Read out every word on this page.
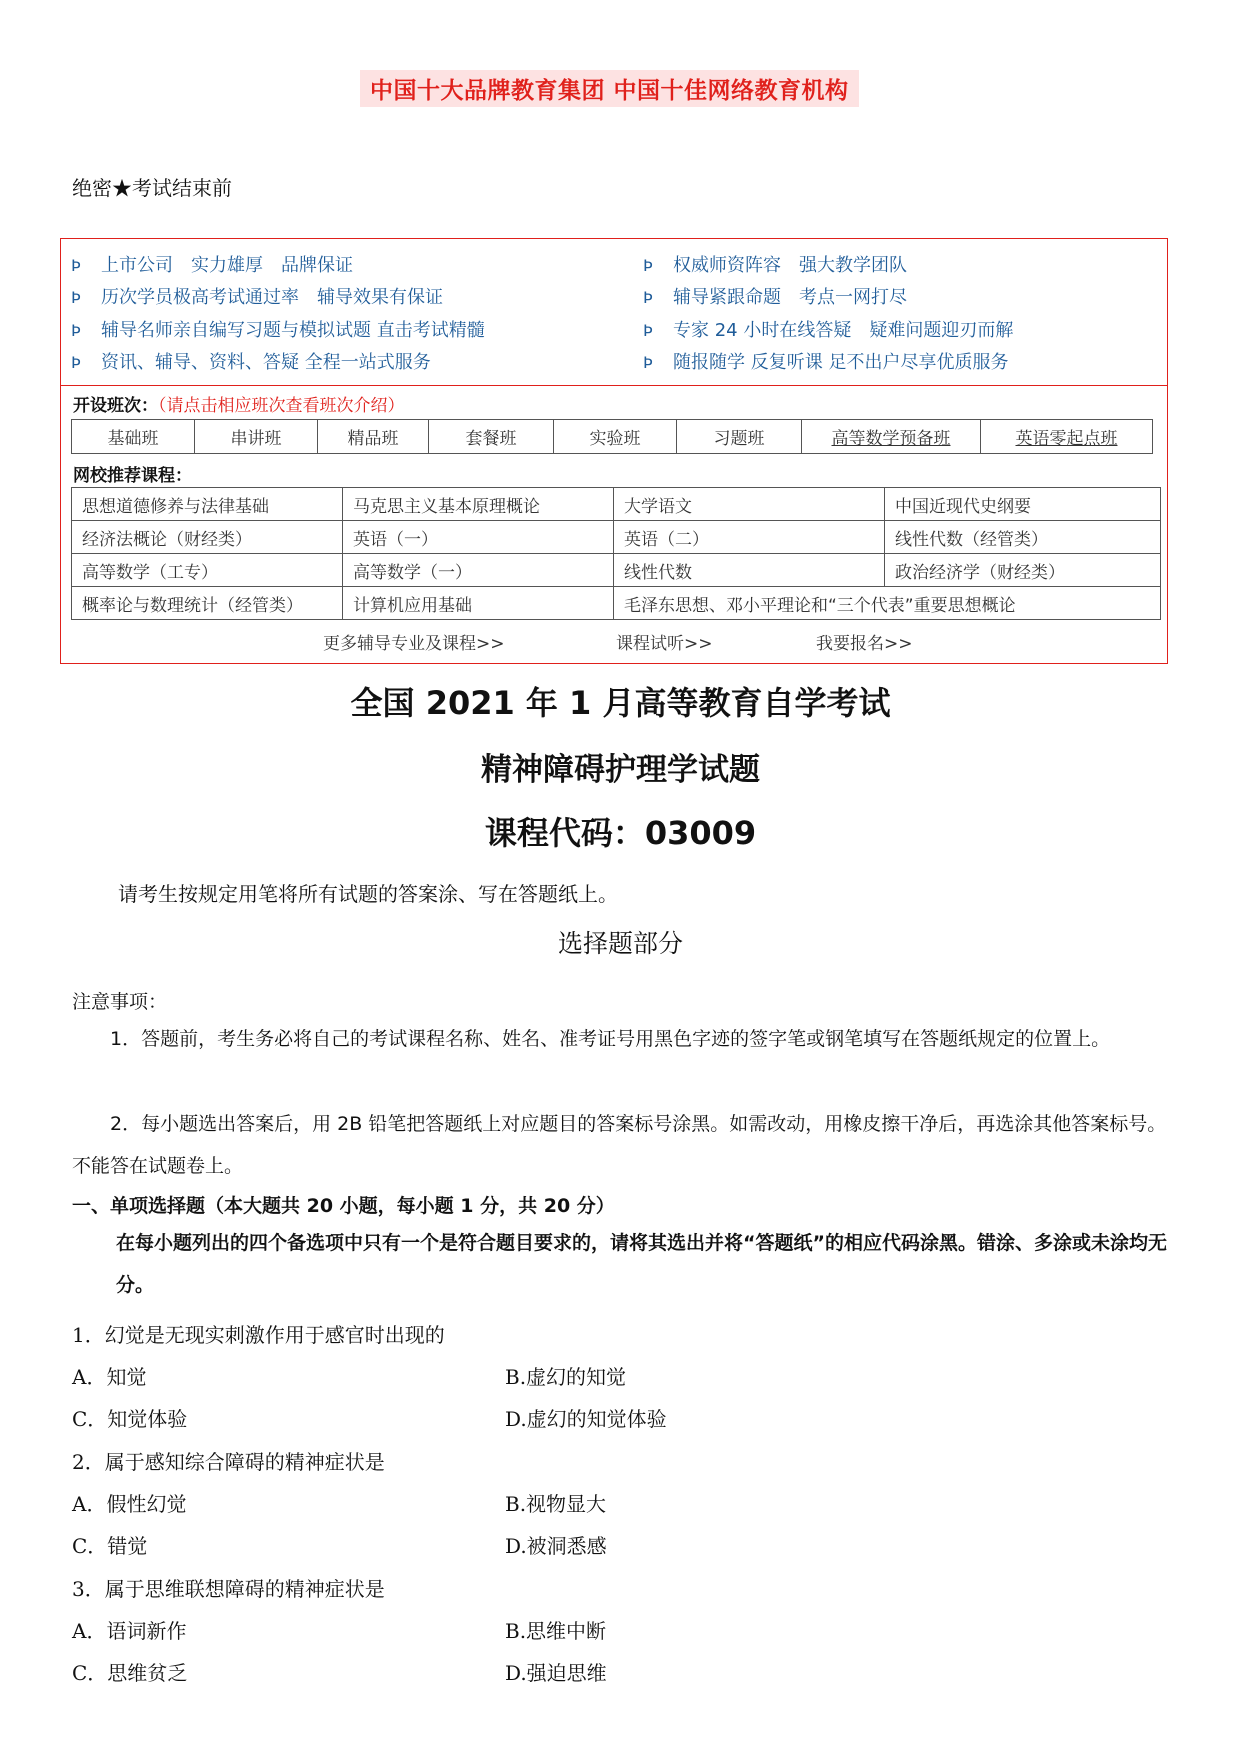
中国十大品牌教育集团 中国十佳网络教育机构
绝密★考试结束前
Þ 上市公司　实力雄厚　品牌保证
Þ 历次学员极高考试通过率　辅导效果有保证
Þ 辅导名师亲自编写习题与模拟试题 直击考试精髓
Þ 资讯、辅导、资料、答疑 全程一站式服务
Þ 权威师资阵容　强大教学团队
Þ 辅导紧跟命题　考点一网打尽
Þ 专家 24 小时在线答疑　疑难问题迎刃而解
Þ 随报随学 反复听课 足不出户尽享优质服务
开设班次：（请点击相应班次查看班次介绍）
基础班	串讲班	精品班	套餐班	实验班	习题班	高等数学预备班	英语零起点班
网校推荐课程：
思想道德修养与法律基础	马克思主义基本原理概论	大学语文	中国近现代史纲要
经济法概论（财经类）	英语（一）	英语（二）	线性代数（经管类）
高等数学（工专）	高等数学（一）	线性代数	政治经济学（财经类）
概率论与数理统计（经管类）	计算机应用基础	毛泽东思想、邓小平理论和“三个代表”重要思想概论	
更多辅导专业及课程>>	课程试听>>	我要报名>>
全国 2021 年 1 月高等教育自学考试
精神障碍护理学试题
课程代码：03009
请考生按规定用笔将所有试题的答案涂、写在答题纸上。
选择题部分
注意事项：
1．答题前，考生务必将自己的考试课程名称、姓名、准考证号用黑色字迹的签字笔或钢笔填写在答题纸规定的位置上。
2．每小题选出答案后，用 2B 铅笔把答题纸上对应题目的答案标号涂黑。如需改动，用橡皮擦干净后，再选涂其他答案标号。不能答在试题卷上。
一、单项选择题（本大题共 20 小题，每小题 1 分，共 20 分）
在每小题列出的四个备选项中只有一个是符合题目要求的，请将其选出并将“答题纸”的相应代码涂黑。错涂、多涂或未涂均无分。
1．幻觉是无现实刺激作用于感官时出现的
A．知觉	B.虚幻的知觉
C．知觉体验	D.虚幻的知觉体验
2．属于感知综合障碍的精神症状是
A．假性幻觉	B.视物显大
C．错觉	D.被洞悉感
3．属于思维联想障碍的精神症状是
A．语词新作	B.思维中断
C．思维贫乏	D.强迫思维
